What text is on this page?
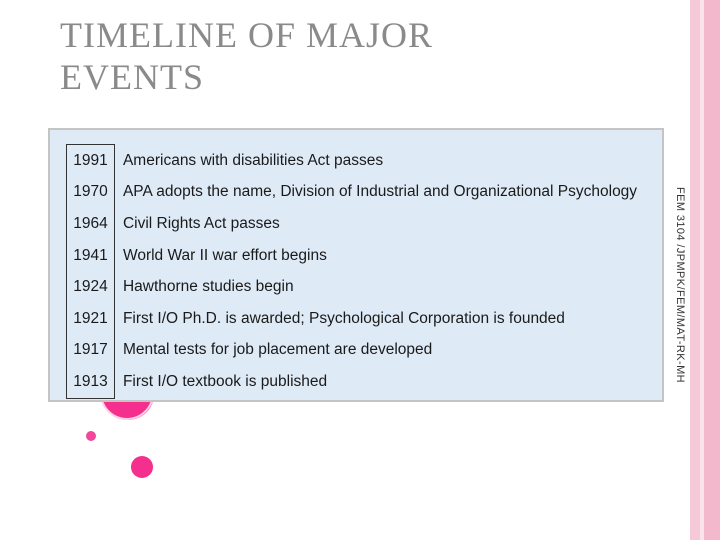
TIMELINE OF MAJOR
EVENTS
1991	Americans with disabilities Act passes
1970	APA adopts the name, Division of Industrial and Organizational Psychology
1964	Civil Rights Act passes
1941	World War II war effort begins
1924	Hawthorne studies begin
1921	First I/O Ph.D. is awarded; Psychological Corporation is founded
1917	Mental tests for job placement are developed
1913	First I/O textbook is published	FEM 3104 /JPMPK/FEM/MAT-RK-MH
